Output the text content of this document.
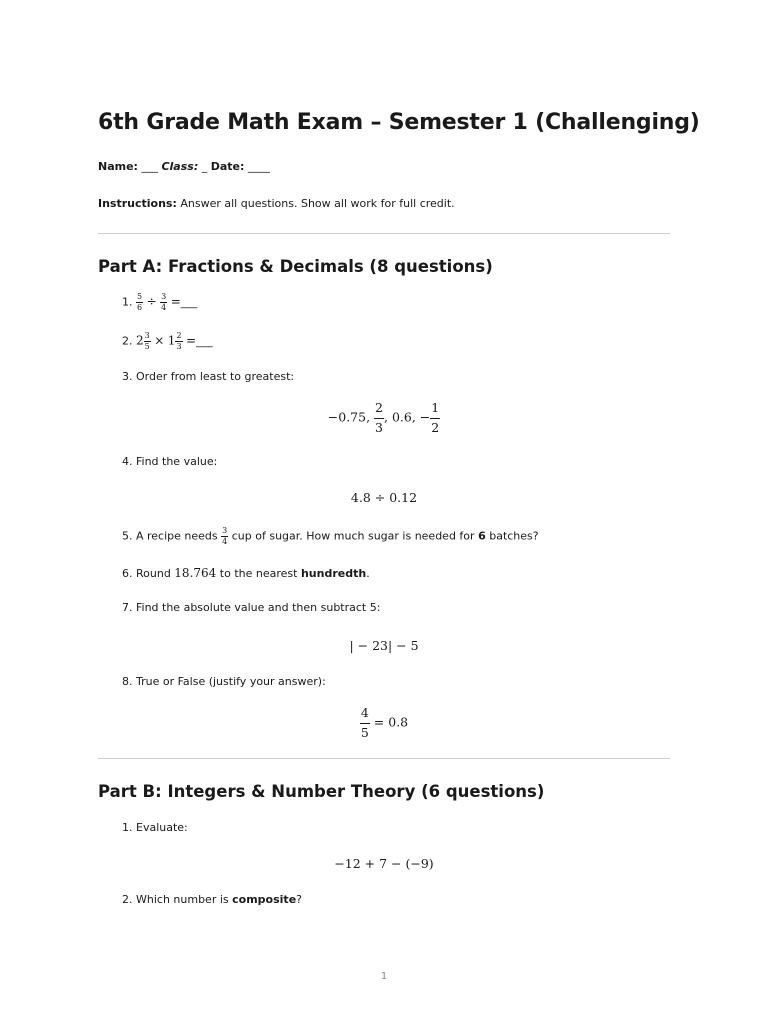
6th Grade Math Exam – Semester 1 (Challenging)
Name: ___ Class: _ Date: ____
Instructions: Answer all questions. Show all work for full credit.
Part A: Fractions & Decimals (8 questions)
1. $\frac{5}{6} \div \frac{3}{4}$ =___
2. $2 \frac{3}{5} \times 1 \frac{2}{3}$ =___
3. Order from least to greatest:
−0.75, $\frac{2}{3}$ , 0.6, − $\frac{1}{2}$
4. Find the value:
4.8 ÷ 0.12
5. A recipe needs $\frac{3}{4}$ cup of sugar. How much sugar is needed for 6 batches?
6. Round 18.764 to the nearest hundredth.
7. Find the absolute value and then subtract 5:
| − 23| − 5
8. True or False (justify your answer):
$\frac{4}{5} = 0.8$
Part B: Integers & Number Theory (6 questions)
1. Evaluate:
−12 + 7 − (−9)
2. Which number is composite?
1
